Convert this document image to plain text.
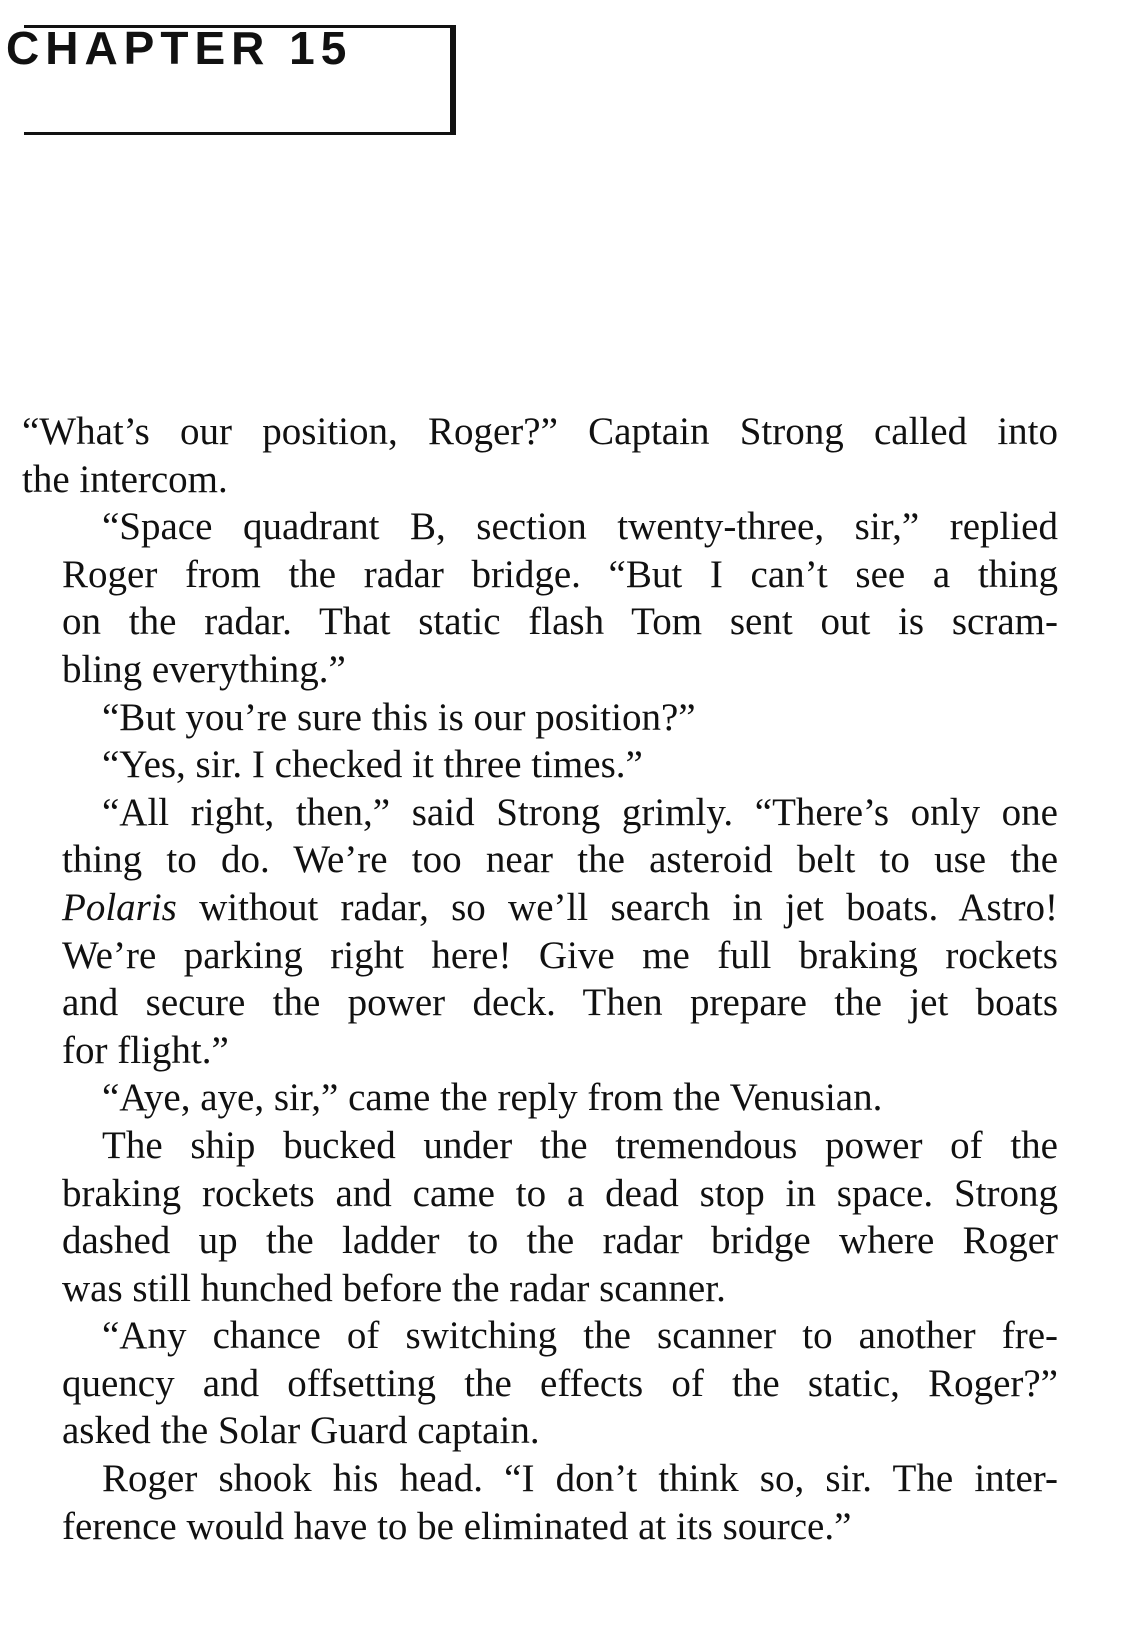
CHAPTER 15
“What’s our position, Roger?” Captain Strong called into
the intercom.
“Space quadrant B, section twenty-three, sir,” replied
Roger from the radar bridge. “But I can’t see a thing
on the radar. That static flash Tom sent out is scram-
bling everything.”
“But you’re sure this is our position?”
“Yes, sir. I checked it three times.”
“All right, then,” said Strong grimly. “There’s only one
thing to do. We’re too near the asteroid belt to use the
Polaris without radar, so we’ll search in jet boats. Astro!
We’re parking right here! Give me full braking rockets
and secure the power deck. Then prepare the jet boats
for flight.”
“Aye, aye, sir,” came the reply from the Venusian.
The ship bucked under the tremendous power of the
braking rockets and came to a dead stop in space. Strong
dashed up the ladder to the radar bridge where Roger
was still hunched before the radar scanner.
“Any chance of switching the scanner to another fre-
quency and offsetting the effects of the static, Roger?”
asked the Solar Guard captain.
Roger shook his head. “I don’t think so, sir. The inter-
ference would have to be eliminated at its source.”
